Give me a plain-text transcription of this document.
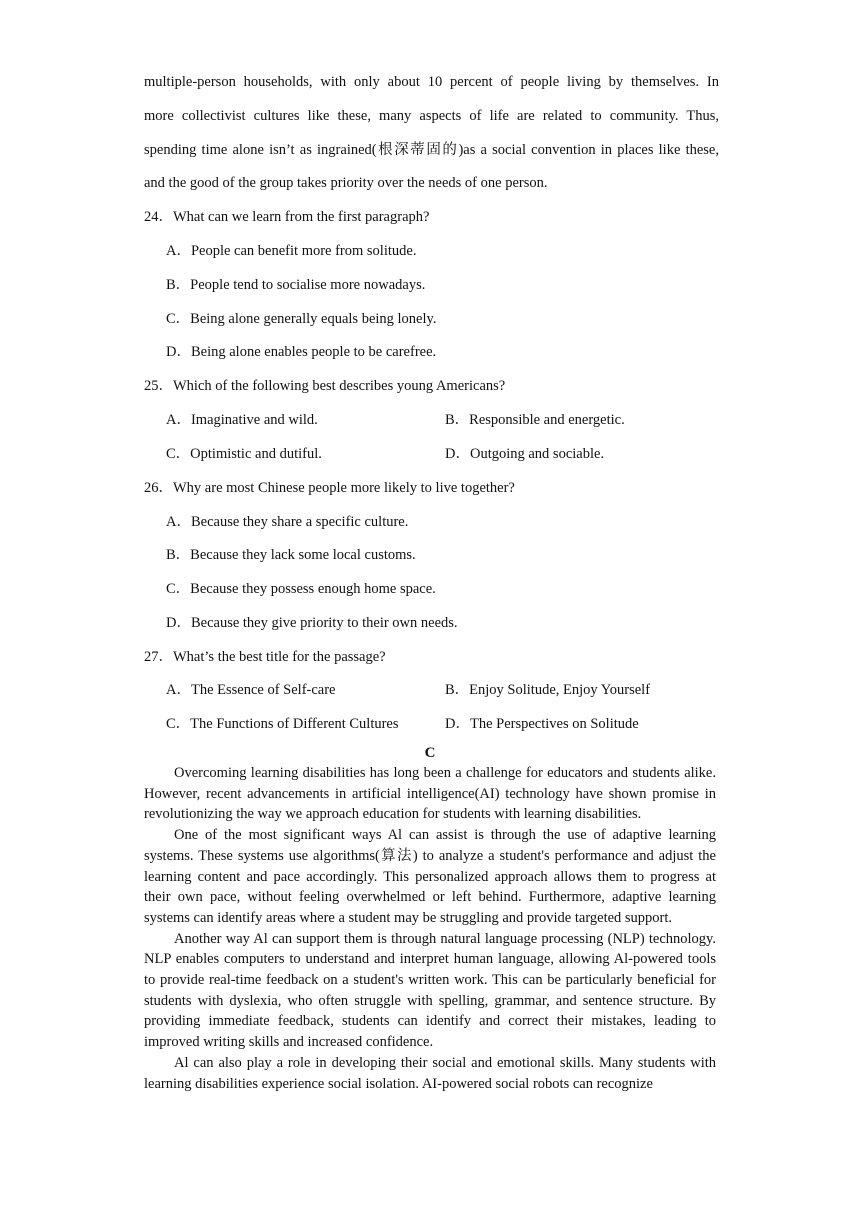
multiple-person households, with only about 10 percent of people living by themselves. In

more collectivist cultures like these, many aspects of life are related to community. Thus,

spending time alone isn’t as ingrained(根深蒂固的)as a social convention in places like these,

and the good of the group takes priority over the needs of one person.

24．What can we learn from the first paragraph?
A．People can benefit more from solitude.
B．People tend to socialise more nowadays.
C．Being alone generally equals being lonely.
D．Being alone enables people to be carefree.
25．Which of the following best describes young Americans?
A．Imaginative and wild.	B．Responsible and energetic.
C．Optimistic and dutiful.	D．Outgoing and sociable.
26．Why are most Chinese people more likely to live together?
A．Because they share a specific culture.
B．Because they lack some local customs.
C．Because they possess enough home space.
D．Because they give priority to their own needs.
27．What’s the best title for the passage?
A．The Essence of Self-care	B．Enjoy Solitude, Enjoy Yourself
C．The Functions of Different Cultures	D．The Perspectives on Solitude
C

Overcoming learning disabilities has long been a challenge for educators and students alike. However, recent advancements in artificial intelligence(AI) technology have shown promise in revolutionizing the way we approach education for students with learning disabilities.

One of the most significant ways Al can assist is through the use of adaptive learning systems. These systems use algorithms(算法) to analyze a student's performance and adjust the learning content and pace accordingly. This personalized approach allows them to progress at their own pace, without feeling overwhelmed or left behind. Furthermore, adaptive learning systems can identify areas where a student may be struggling and provide targeted support.

Another way Al can support them is through natural language processing (NLP) technology. NLP enables computers to understand and interpret human language, allowing Al-powered tools to provide real-time feedback on a student's written work. This can be particularly beneficial for students with dyslexia, who often struggle with spelling, grammar, and sentence structure. By providing immediate feedback, students can identify and correct their mistakes, leading to improved writing skills and increased confidence.

Al can also play a role in developing their social and emotional skills. Many students with learning disabilities experience social isolation. AI-powered social robots can recognize
